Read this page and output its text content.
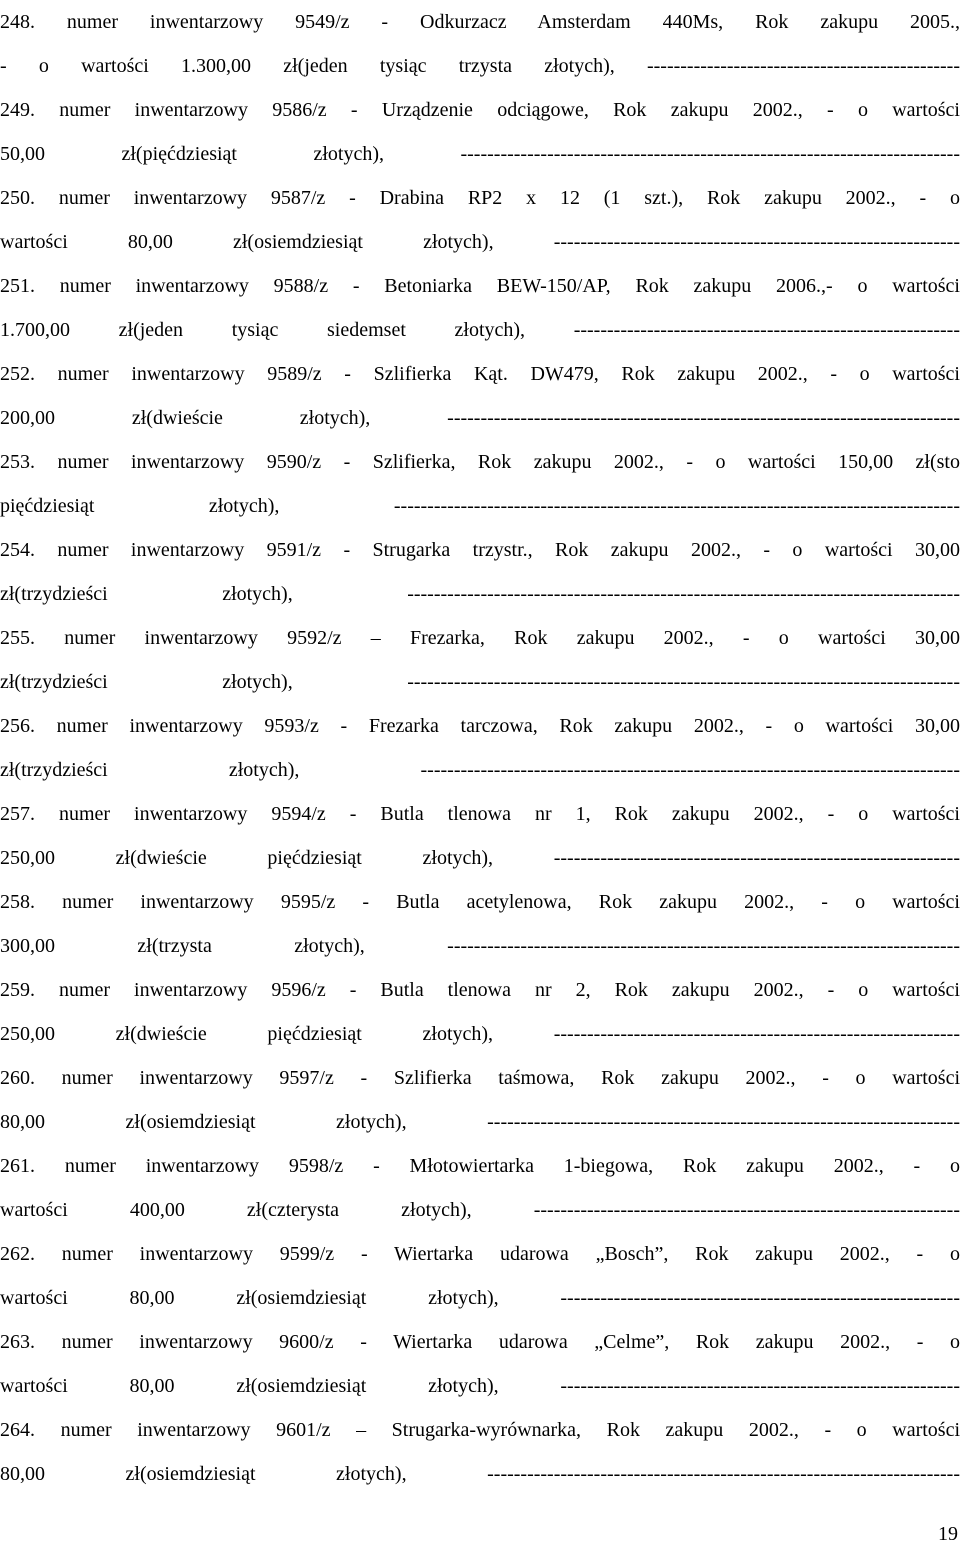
248. numer inwentarzowy 9549/z - Odkurzacz Amsterdam 440Ms, Rok zakupu 2005.,
- o wartości 1.300,00 zł(jeden tysiąc trzysta złotych), -----------------------------------------------
249. numer inwentarzowy 9586/z - Urządzenie odciągowe, Rok zakupu 2002., - o wartości
50,00 zł(pięćdziesiąt złotych), ---------------------------------------------------------------------------
250. numer inwentarzowy 9587/z - Drabina RP2 x 12 (1 szt.), Rok zakupu 2002., - o
wartości 80,00 zł(osiemdziesiąt złotych), -------------------------------------------------------------
251. numer inwentarzowy 9588/z - Betoniarka BEW-150/AP, Rok zakupu 2006.,- o wartości
1.700,00 zł(jeden tysiąc siedemset złotych), ----------------------------------------------------------
252. numer inwentarzowy 9589/z - Szlifierka Kąt. DW479, Rok zakupu 2002., - o wartości
200,00 zł(dwieście złotych), -----------------------------------------------------------------------------
253. numer inwentarzowy 9590/z - Szlifierka, Rok zakupu 2002., - o wartości 150,00 zł(sto
pięćdziesiąt złotych), -------------------------------------------------------------------------------------
254. numer inwentarzowy 9591/z - Strugarka trzystr., Rok zakupu 2002., - o wartości 30,00
zł(trzydzieści złotych), -----------------------------------------------------------------------------------
255. numer inwentarzowy 9592/z – Frezarka, Rok zakupu 2002., - o wartości 30,00
zł(trzydzieści złotych), -----------------------------------------------------------------------------------
256. numer inwentarzowy 9593/z - Frezarka tarczowa, Rok zakupu 2002., - o wartości 30,00
zł(trzydzieści złotych), ---------------------------------------------------------------------------------
257. numer inwentarzowy 9594/z - Butla tlenowa nr 1, Rok zakupu 2002., - o wartości
250,00 zł(dwieście pięćdziesiąt złotych), -------------------------------------------------------------
258. numer inwentarzowy 9595/z - Butla acetylenowa, Rok zakupu 2002., - o wartości
300,00 zł(trzysta złotych), -----------------------------------------------------------------------------
259. numer inwentarzowy 9596/z - Butla tlenowa nr 2, Rok zakupu 2002., - o wartości
250,00 zł(dwieście pięćdziesiąt złotych), -------------------------------------------------------------
260. numer inwentarzowy 9597/z - Szlifierka taśmowa, Rok zakupu 2002., - o wartości
80,00 zł(osiemdziesiąt złotych), -----------------------------------------------------------------------
261. numer inwentarzowy 9598/z - Młotowiertarka 1-biegowa, Rok zakupu 2002., - o
wartości 400,00 zł(czterysta złotych), ----------------------------------------------------------------
262. numer inwentarzowy 9599/z - Wiertarka udarowa „Bosch”, Rok zakupu 2002., - o
wartości 80,00 zł(osiemdziesiąt złotych), ------------------------------------------------------------
263. numer inwentarzowy 9600/z - Wiertarka udarowa „Celme”, Rok zakupu 2002., - o
wartości 80,00 zł(osiemdziesiąt złotych), ------------------------------------------------------------
264. numer inwentarzowy 9601/z – Strugarka-wyrównarka, Rok zakupu 2002., - o wartości
80,00 zł(osiemdziesiąt złotych), -----------------------------------------------------------------------
19
